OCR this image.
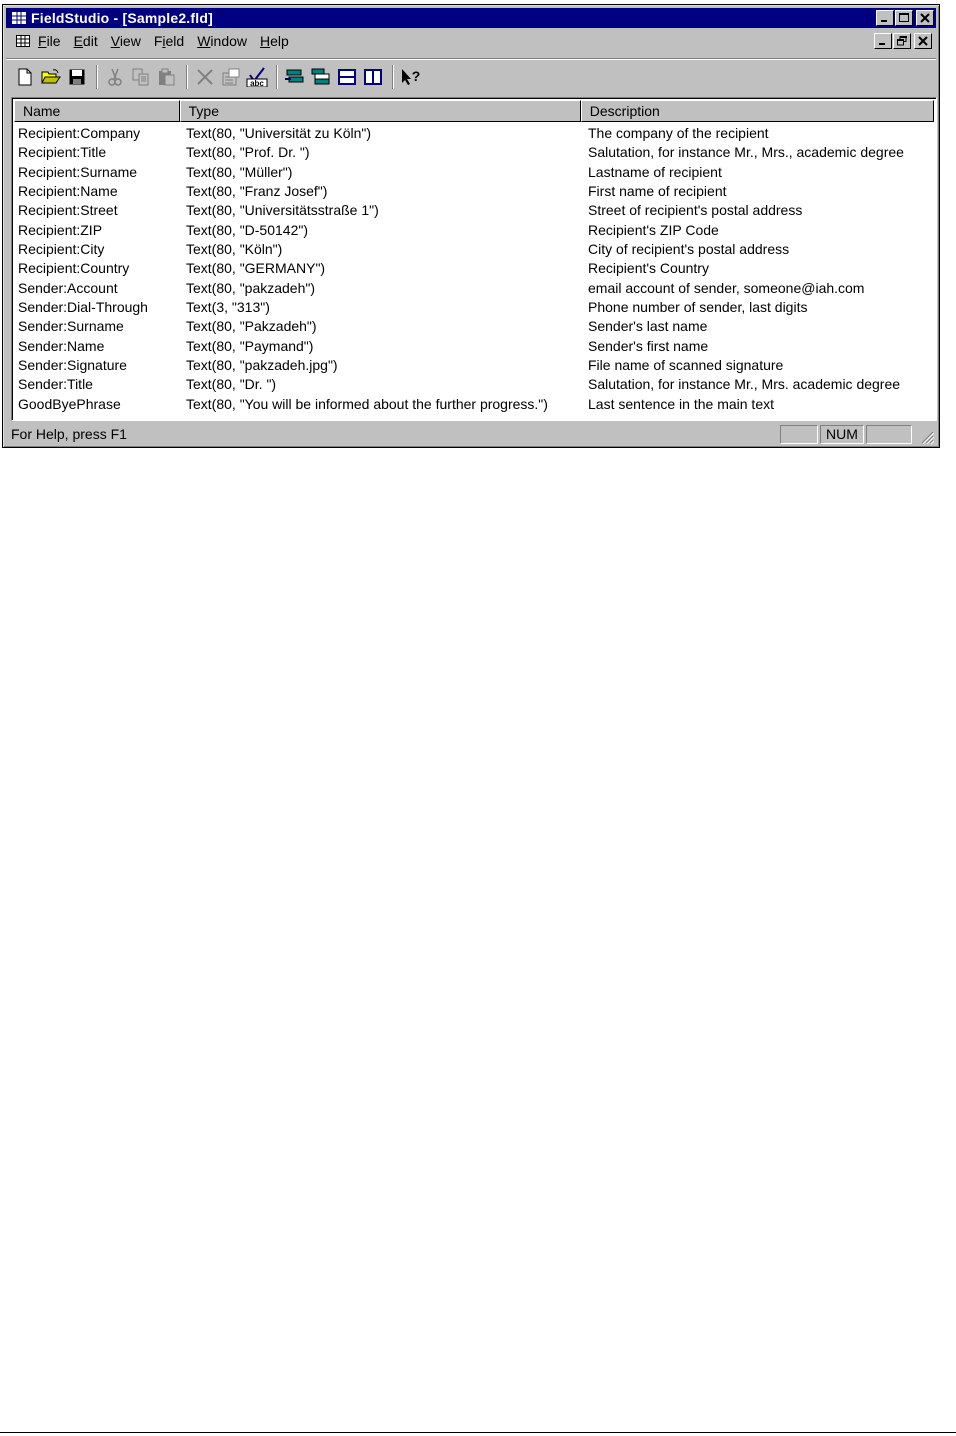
FieldStudio - [Sample2.fld]
File Edit View Field Window Help
abc	?
Name	Type	Description
Recipient:Company	Text(80, "Universität zu Köln")	The company of the recipient
Recipient:Title	Text(80, "Prof. Dr. ")	Salutation, for instance Mr., Mrs., academic degree
Recipient:Surname	Text(80, "Müller")	Lastname of recipient
Recipient:Name	Text(80, "Franz Josef")	First name of recipient
Recipient:Street	Text(80, "Universitätsstraße 1")	Street of recipient's postal address
Recipient:ZIP	Text(80, "D-50142")	Recipient's ZIP Code
Recipient:City	Text(80, "Köln")	City of recipient's postal address
Recipient:Country	Text(80, "GERMANY")	Recipient's Country
Sender:Account	Text(80, "pakzadeh")	email account of sender, someone@iah.com
Sender:Dial-Through	Text(3, "313")	Phone number of sender, last digits
Sender:Surname	Text(80, "Pakzadeh")	Sender's last name
Sender:Name	Text(80, "Paymand")	Sender's first name
Sender:Signature	Text(80, "pakzadeh.jpg")	File name of scanned signature
Sender:Title	Text(80, "Dr. ")	Salutation, for instance Mr., Mrs. academic degree
GoodByePhrase	Text(80, "You will be informed about the further progress.")	Last sentence in the main text
For Help, press F1	NUM
